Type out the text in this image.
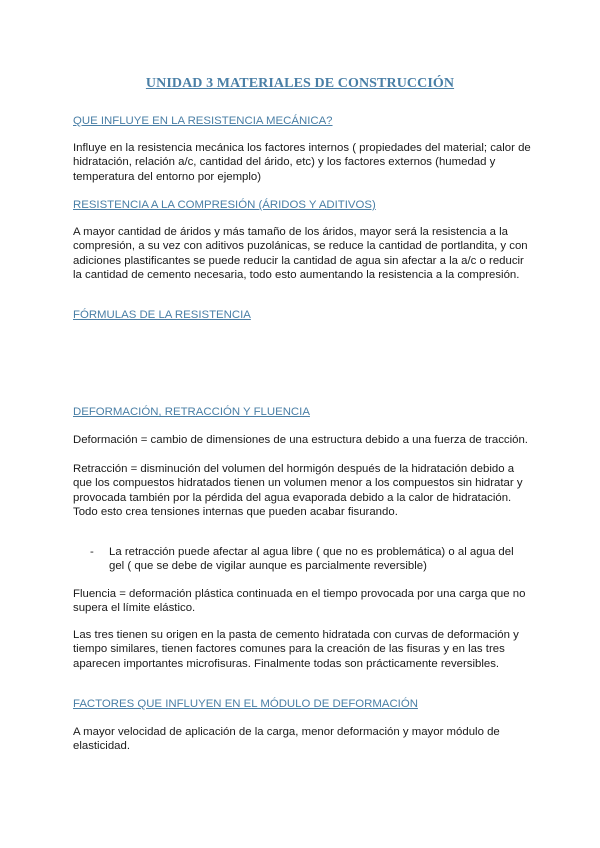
UNIDAD 3 MATERIALES DE CONSTRUCCIÓN
QUE INFLUYE EN LA RESISTENCIA MECÁNICA?

Influye en la resistencia mecánica los factores internos ( propiedades del material; calor de hidratación, relación a/c, cantidad del árido, etc) y los factores externos (humedad y temperatura del entorno por ejemplo)

RESISTENCIA A LA COMPRESIÓN (ÁRIDOS Y ADITIVOS)

A mayor cantidad de áridos y más tamaño de los áridos, mayor será la resistencia a la compresión, a su vez con aditivos puzolánicas, se reduce la cantidad de portlandita, y con adiciones plastificantes se puede reducir la cantidad de agua sin afectar a la a/c o reducir la cantidad de cemento necesaria, todo esto aumentando la resistencia a la compresión.

FÓRMULAS DE LA RESISTENCIA
DEFORMACIÓN, RETRACCIÓN Y FLUENCIA

Deformación = cambio de dimensiones de una estructura debido a una fuerza de tracción.

Retracción = disminución del volumen del hormigón después de la hidratación debido a que los compuestos hidratados tienen un volumen menor a los compuestos sin hidratar y provocada también por la pérdida del agua evaporada debido a la calor de hidratación. Todo esto crea tensiones internas que pueden acabar fisurando.

- La retracción puede afectar al agua libre ( que no es problemática) o al agua del gel ( que se debe de vigilar aunque es parcialmente reversible)

Fluencia = deformación plástica continuada en el tiempo provocada por una carga que no supera el límite elástico.

Las tres tienen su origen en la pasta de cemento hidratada con curvas de deformación y tiempo similares, tienen factores comunes para la creación de las fisuras y en las tres aparecen importantes microfisuras. Finalmente todas son prácticamente reversibles.

FACTORES QUE INFLUYEN EN EL MÓDULO DE DEFORMACIÓN

A mayor velocidad de aplicación de la carga, menor deformación y mayor módulo de elasticidad.
